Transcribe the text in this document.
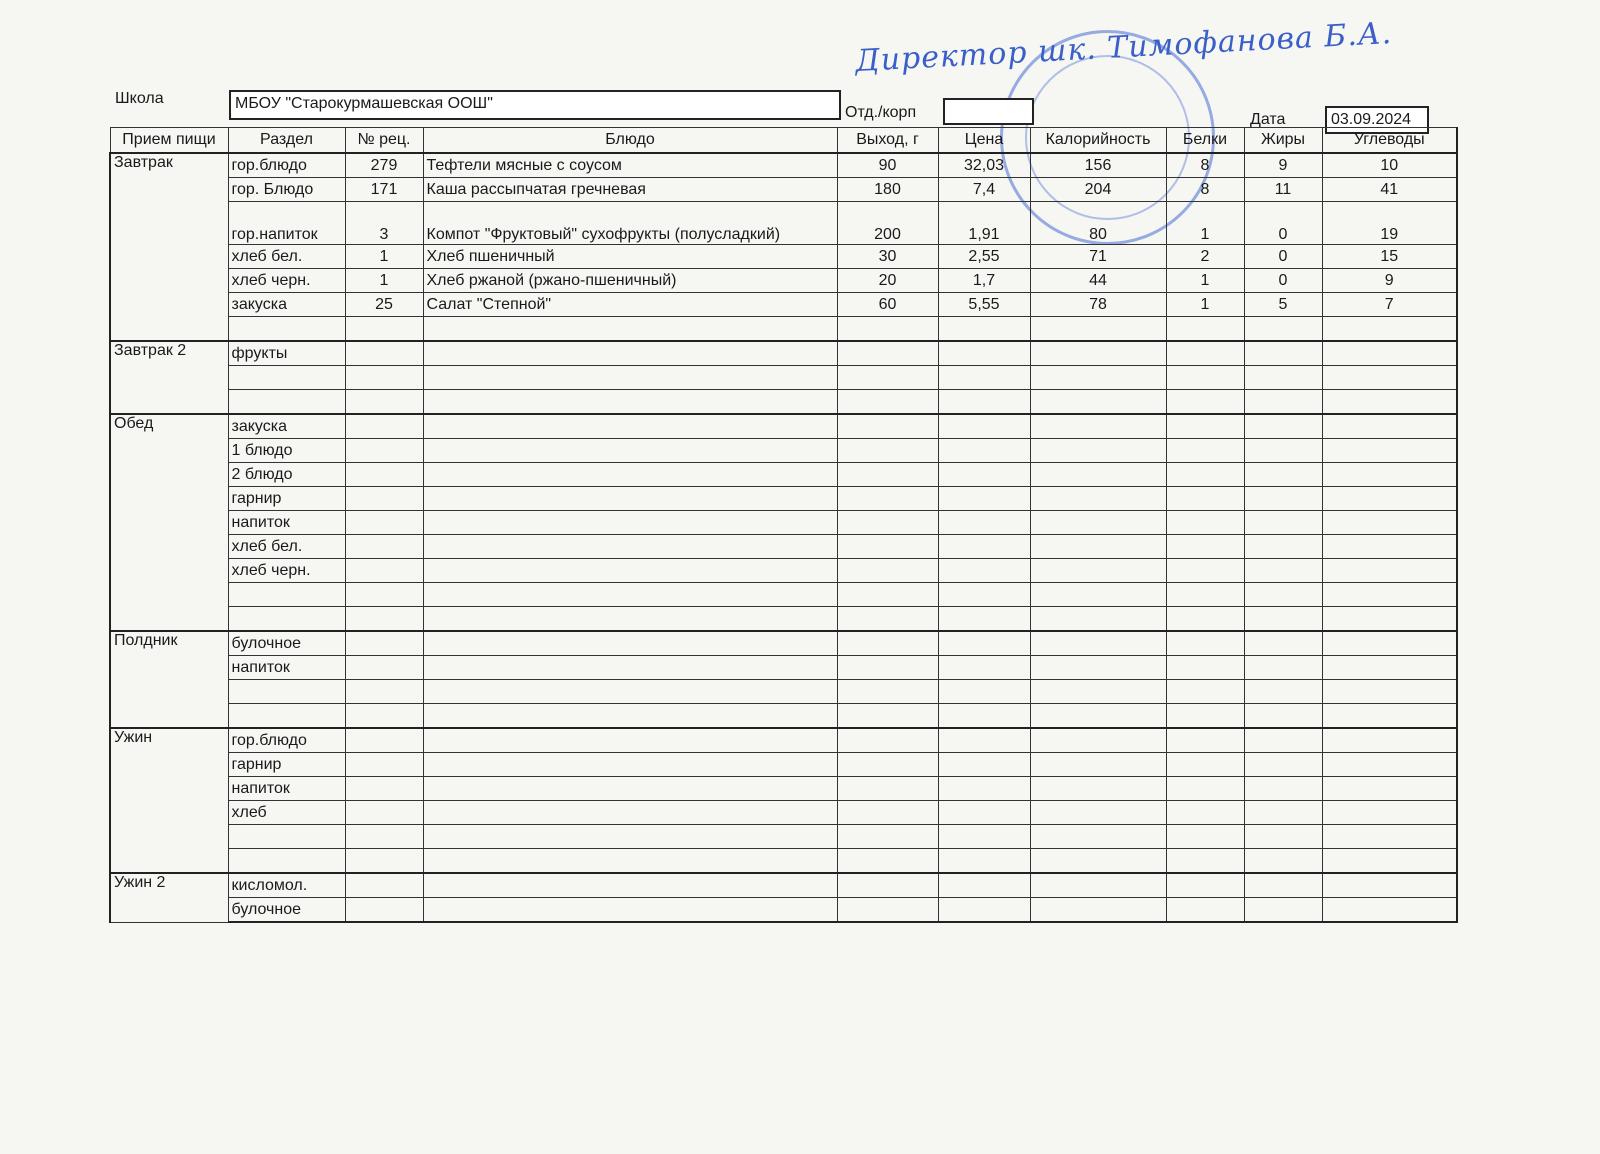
Директор шк. Тимофанова Б.А.
Школа	МБОУ "Старокурмашевская ООШ"
Отд./корп	Дата	03.09.2024
Прием пищи	Раздел	№ рец.	Блюдо	Выход, г	Цена	Калорийность	Белки	Жиры	Углеводы
Завтрак	гор.блюдо	279	Тефтели мясные с соусом	90	32,03	156	8	9	10
	гор. Блюдо	171	Каша рассыпчатая гречневая	180	7,4	204	8	11	41
	гор.напиток	3	Компот "Фруктовый" сухофрукты (полусладкий)	200	1,91	80	1	0	19
	хлеб бел.	1	Хлеб пшеничный	30	2,55	71	2	0	15
	хлеб черн.	1	Хлеб ржаной (ржано-пшеничный)	20	1,7	44	1	0	9
	закуска	25	Салат "Степной"	60	5,55	78	1	5	7

Завтрак 2	фрукты								

Обед	закуска								
	1 блюдо								
	2 блюдо								
	гарнир								
	напиток								
	хлеб бел.								
	хлеб черн.								

Полдник	булочное								
	напиток								

Ужин	гор.блюдо								
	гарнир								
	напиток								
	хлеб								

Ужин 2	кисломол.								
	булочное								
